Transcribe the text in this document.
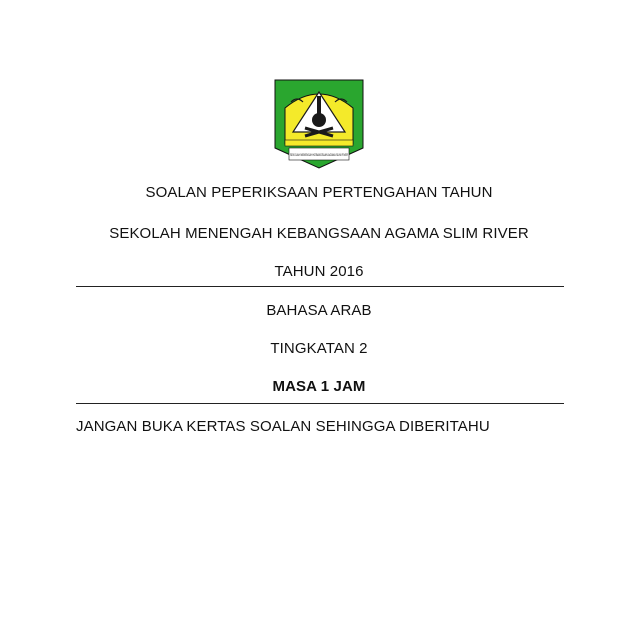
SEKOLAH MENENGAH KEBANGSAAN AGAMA SLIM RIVER
SOALAN PEPERIKSAAN PERTENGAHAN TAHUN
SEKOLAH MENENGAH KEBANGSAAN AGAMA SLIM RIVER
TAHUN 2016
BAHASA ARAB
TINGKATAN 2
MASA 1 JAM
JANGAN BUKA KERTAS SOALAN SEHINGGA DIBERITAHU
